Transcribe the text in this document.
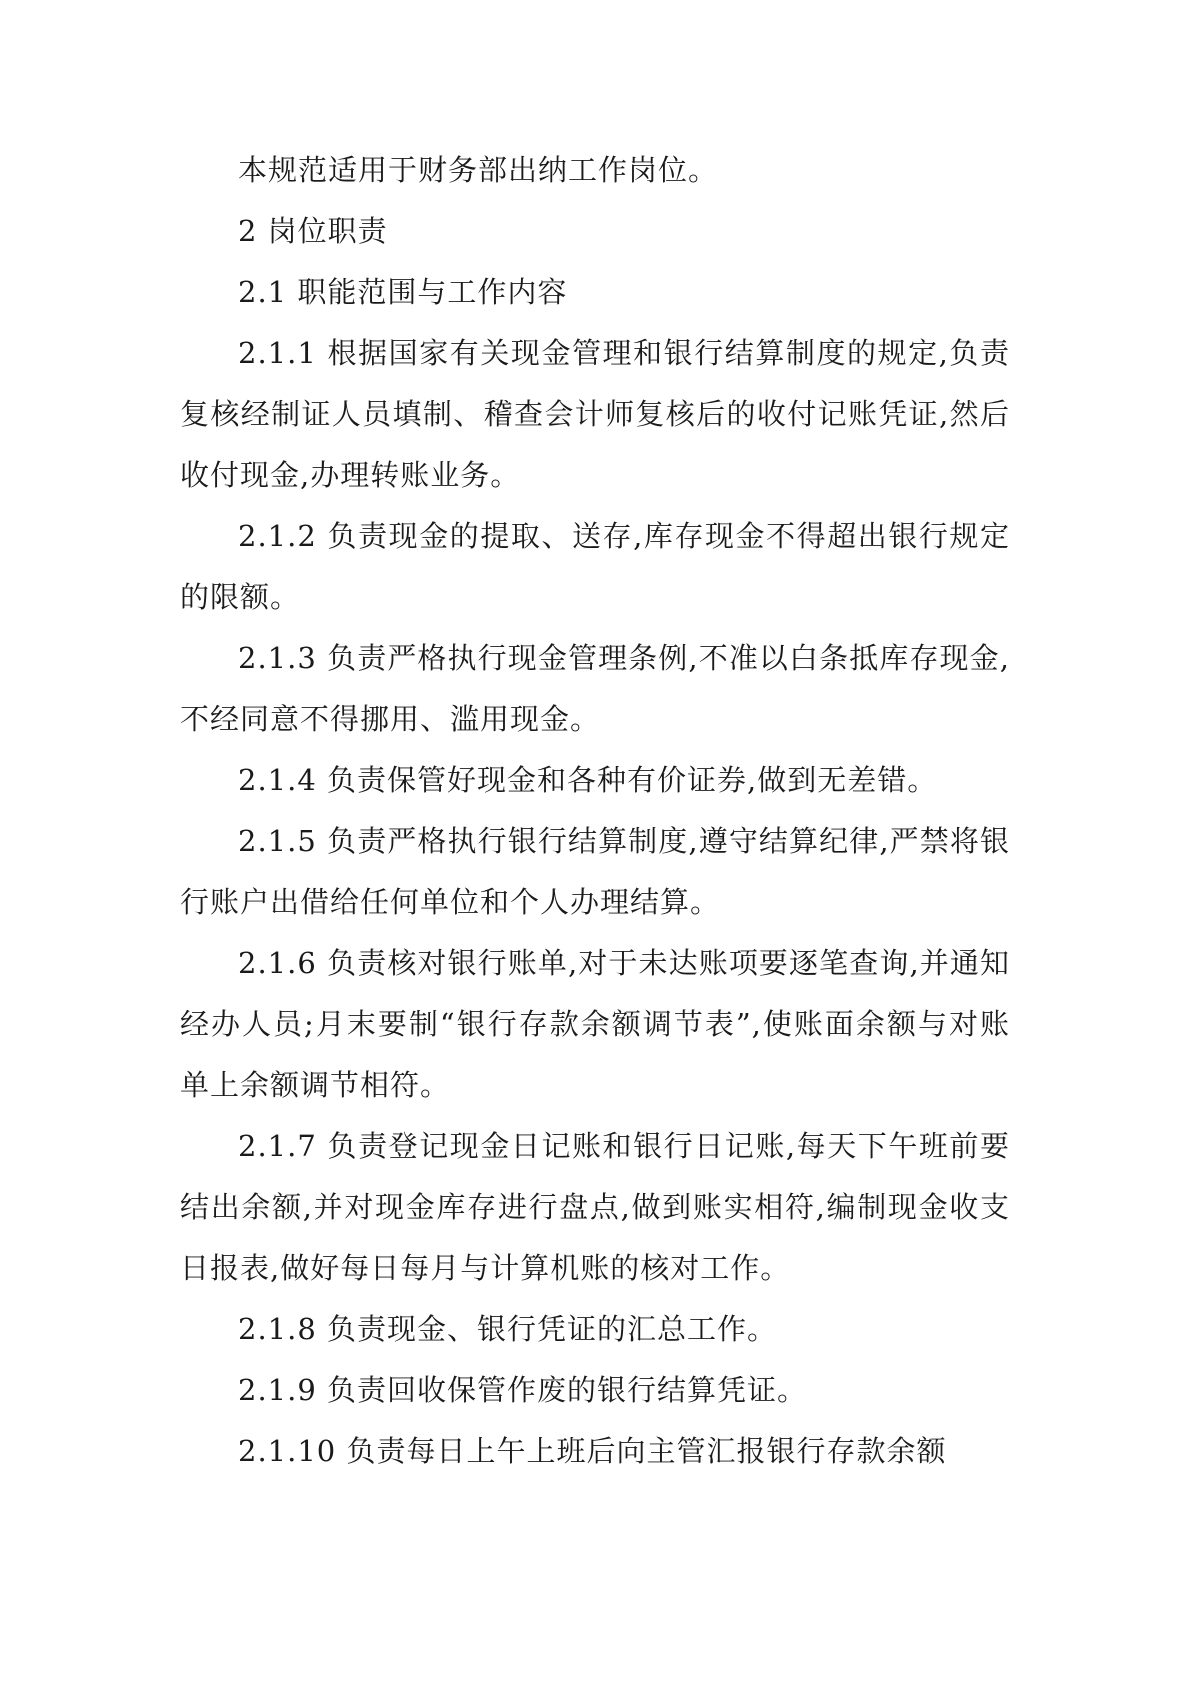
本规范适用于财务部出纳工作岗位。

2 岗位职责

2.1 职能范围与工作内容

2.1.1 根据国家有关现金管理和银行结算制度的规定,负责复核经制证人员填制、稽查会计师复核后的收付记账凭证,然后收付现金,办理转账业务。

2.1.2 负责现金的提取、送存,库存现金不得超出银行规定的限额。

2.1.3 负责严格执行现金管理条例,不准以白条抵库存现金,不经同意不得挪用、滥用现金。

2.1.4 负责保管好现金和各种有价证券,做到无差错。

2.1.5 负责严格执行银行结算制度,遵守结算纪律,严禁将银行账户出借给任何单位和个人办理结算。

2.1.6 负责核对银行账单,对于未达账项要逐笔查询,并通知经办人员;月末要制“银行存款余额调节表”,使账面余额与对账单上余额调节相符。

2.1.7 负责登记现金日记账和银行日记账,每天下午班前要结出余额,并对现金库存进行盘点,做到账实相符,编制现金收支日报表,做好每日每月与计算机账的核对工作。

2.1.8 负责现金、银行凭证的汇总工作。

2.1.9 负责回收保管作废的银行结算凭证。

2.1.10 负责每日上午上班后向主管汇报银行存款余额
